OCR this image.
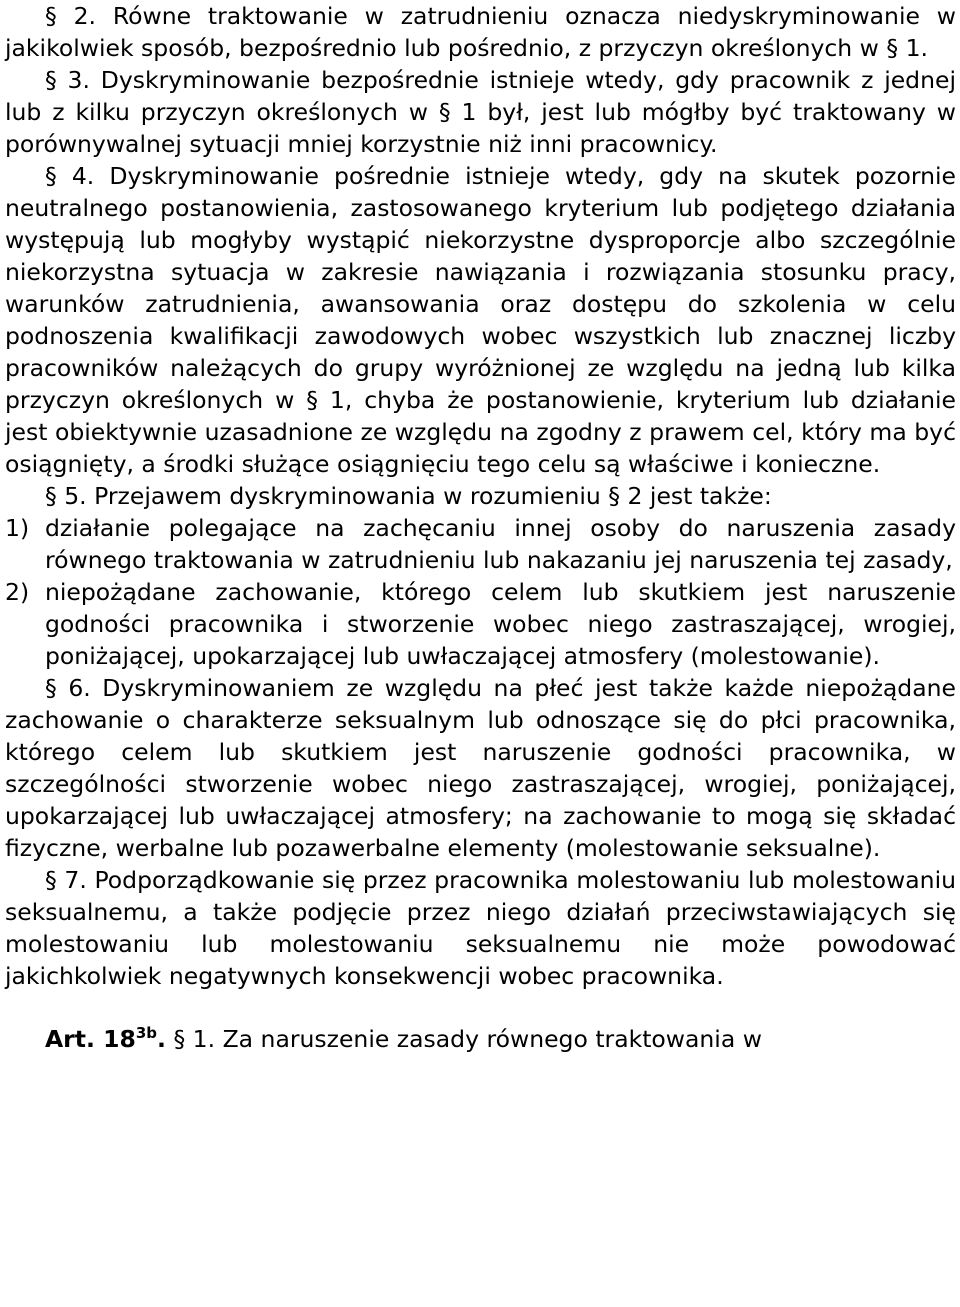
§ 2. Równe traktowanie w zatrudnieniu oznacza niedyskryminowanie w jakikolwiek sposób, bezpośrednio lub pośrednio, z przyczyn określonych w § 1.

§ 3. Dyskryminowanie bezpośrednie istnieje wtedy, gdy pracownik z jednej lub z kilku przyczyn określonych w § 1 był, jest lub mógłby być traktowany w porównywalnej sytuacji mniej korzystnie niż inni pracownicy.

§ 4. Dyskryminowanie pośrednie istnieje wtedy, gdy na skutek pozornie neutralnego postanowienia, zastosowanego kryterium lub podjętego działania występują lub mogłyby wystąpić niekorzystne dysproporcje albo szczególnie niekorzystna sytuacja w zakresie nawiązania i rozwiązania stosunku pracy, warunków zatrudnienia, awansowania oraz dostępu do szkolenia w celu podnoszenia kwalifikacji zawodowych wobec wszystkich lub znacznej liczby pracowników należących do grupy wyróżnionej ze względu na jedną lub kilka przyczyn określonych w § 1, chyba że postanowienie, kryterium lub działanie jest obiektywnie uzasadnione ze względu na zgodny z prawem cel, który ma być osiągnięty, a środki służące osiągnięciu tego celu są właściwe i konieczne.

§ 5. Przejawem dyskryminowania w rozumieniu § 2 jest także:

1) działanie polegające na zachęcaniu innej osoby do naruszenia zasady równego traktowania w zatrudnieniu lub nakazaniu jej naruszenia tej zasady,
2) niepożądane zachowanie, którego celem lub skutkiem jest naruszenie godności pracownika i stworzenie wobec niego zastraszającej, wrogiej, poniżającej, upokarzającej lub uwłaczającej atmosfery (molestowanie).

§ 6. Dyskryminowaniem ze względu na płeć jest także każde niepożądane zachowanie o charakterze seksualnym lub odnoszące się do płci pracownika, którego celem lub skutkiem jest naruszenie godności pracownika, w szczególności stworzenie wobec niego zastraszającej, wrogiej, poniżającej, upokarzającej lub uwłaczającej atmosfery; na zachowanie to mogą się składać fizyczne, werbalne lub pozawerbalne elementy (molestowanie seksualne).

§ 7. Podporządkowanie się przez pracownika molestowaniu lub molestowaniu seksualnemu, a także podjęcie przez niego działań przeciwstawiających się molestowaniu lub molestowaniu seksualnemu nie może powodować jakichkolwiek negatywnych konsekwencji wobec pracownika.

Art. $18^{3b}$. § 1. Za naruszenie zasady równego traktowania w
